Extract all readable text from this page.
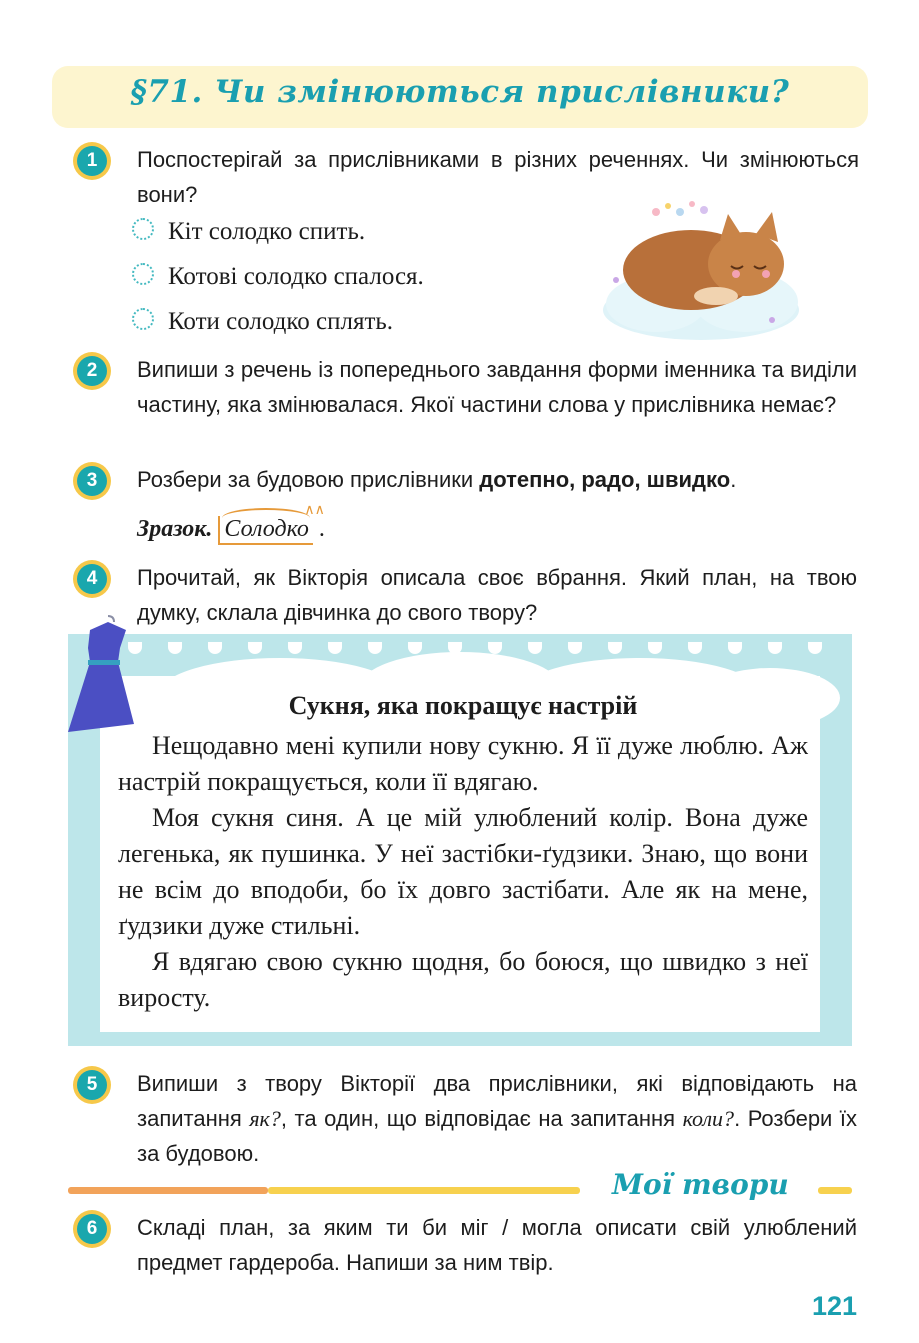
§71. Чи змінюються прислівники?
1	Поспостерігай за прислівниками в різних реченнях. Чи змінюються вони?

Кіт солодко спить.
Котові солодко спалося.
Коти солодко сплять.
2	Випиши з речень із попереднього завдання форми іменника та виділи частину, яка змінювалася. Якої частини слова у прислівника немає?

3	Розбери за будовою прислівники дотепно, радо, швидко.
Зразок. Солодко ∧∧ .
4	Прочитай, як Вікторія описала своє вбрання. Який план, на твою думку, склала дівчинка до свого твору?

Сукня, яка покращує настрій

Нещодавно мені купили нову сукню. Я її дуже люблю. Аж настрій покращується, коли її вдягаю.

Моя сукня синя. А це мій улюблений колір. Вона дуже легенька, як пушинка. У неї застібки-ґудзики. Знаю, що вони не всім до вподоби, бо їх довго застібати. Але як на мене, ґудзики дуже стильні.

Я вдягаю свою сукню щодня, бо боюся, що швидко з неї виросту.

5	Випиши з твору Вікторії два прислівники, які відповідають на запитання як?, та один, що відповідає на запитання коли?. Розбери їх за будовою.
Мої твори
6	Складі план, за яким ти би міг / могла описати свій улюблений предмет гардероба. Напиши за ним твір.

121
